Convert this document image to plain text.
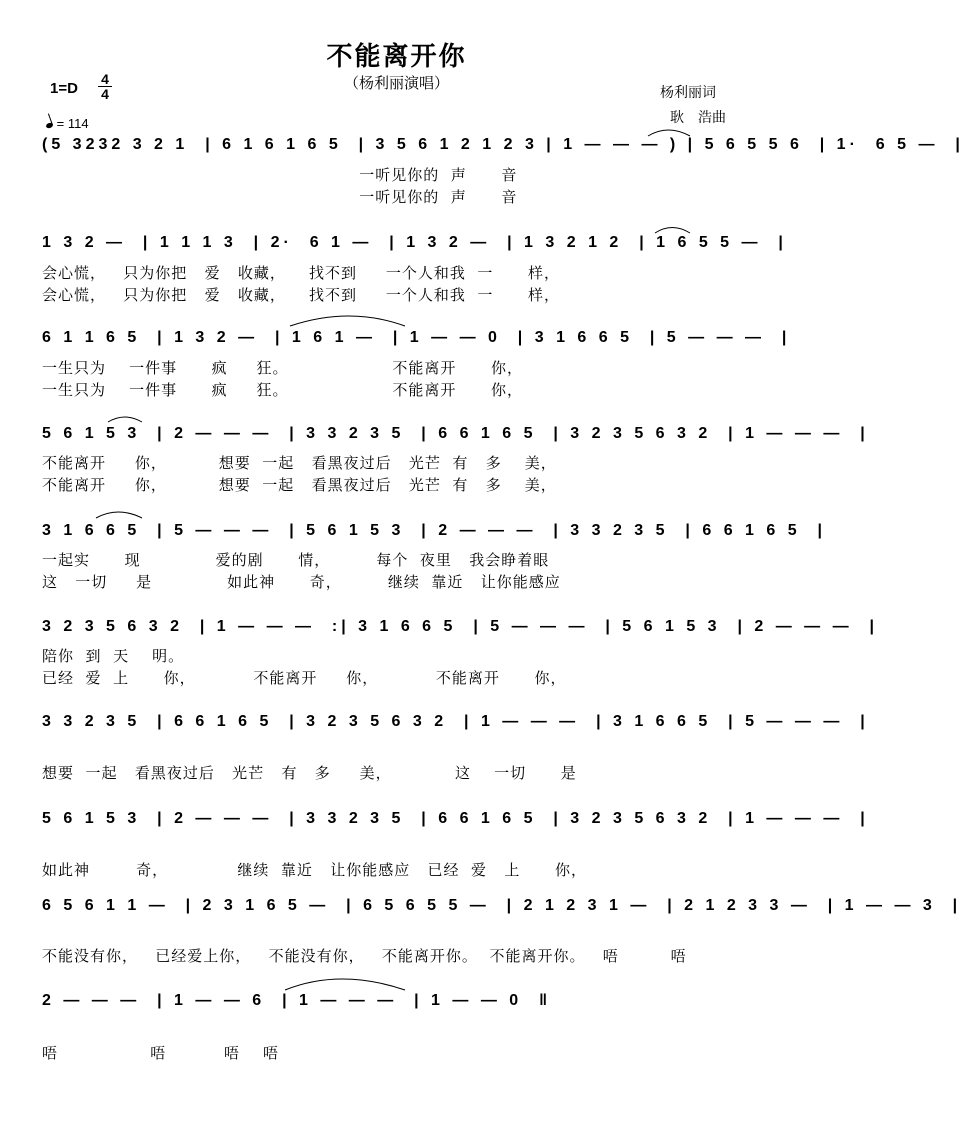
不能离开你
（杨利丽演唱）
1=D
4
4
= 114
杨利丽词
耿　浩曲
(5 3232 3 2 1  | 6 1 6 1 6 5  | 3 5 6 1 2 1 2 3 | 1 — — — ) | 5 6 5 5 6  | 1·  6 5 —  |
一听见你的  声      音
一听见你的  声      音
1 3 2 —  | 1 1 1 3  | 2·  6 1 —  | 1 3 2 —  | 1 3 2 1 2  | 1 6 5 5 —  |
会心慌，   只为你把   爱   收藏，    找不到     一个人和我  一      样，
会心慌，   只为你把   爱   收藏，    找不到     一个人和我  一      样，
6 1 1 6 5  | 1 3 2 —  | 1 6 1 —  | 1 — — 0  | 3 1 6 6 5  | 5 — — —  |
一生只为    一件事      疯     狂。                  不能离开      你，
一生只为    一件事      疯     狂。                  不能离开      你，
5 6 1 5 3  | 2 — — —  | 3 3 2 3 5  | 6 6 1 6 5  | 3 2 3 5 6 3 2  | 1 — — —  |
不能离开     你，         想要  一起   看黑夜过后   光芒  有   多    美，
不能离开     你，         想要  一起   看黑夜过后   光芒  有   多    美，
3 1 6 6 5  | 5 — — —  | 5 6 1 5 3  | 2 — — —  | 3 3 2 3 5  | 6 6 1 6 5  |
一起实      现             爱的剧      情，        每个  夜里   我会睁着眼
这   一切     是             如此神      奇，        继续  靠近   让你能感应
3 2 3 5 6 3 2  | 1 — — —  :| 3 1 6 6 5  | 5 — — —  | 5 6 1 5 3  | 2 — — —  |
陪你  到  天    明。
已经  爱  上      你，          不能离开     你，          不能离开      你，
3 3 2 3 5  | 6 6 1 6 5  | 3 2 3 5 6 3 2  | 1 — — —  | 3 1 6 6 5  | 5 — — —  |
想要  一起   看黑夜过后   光芒   有   多     美，           这    一切      是
5 6 1 5 3  | 2 — — —  | 3 3 2 3 5  | 6 6 1 6 5  | 3 2 3 5 6 3 2  | 1 — — —  |
如此神        奇，            继续  靠近   让你能感应   已经  爱   上      你，
6 5 6 1 1 —  | 2 3 1 6 5 —  | 6 5 6 5 5 —  | 2 1 2 3 1 —  | 2 1 2 3 3 —  | 1 — — 3  |
不能没有你，   已经爱上你，   不能没有你，   不能离开你。  不能离开你。   唔         唔
2 — — —  | 1 — — 6  | 1 — — —  | 1 — — 0  ‖
唔                唔          唔    唔
